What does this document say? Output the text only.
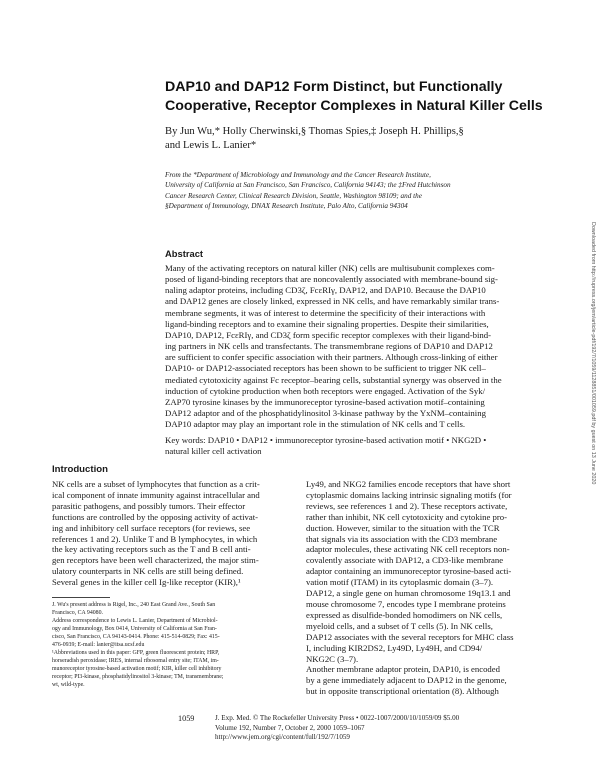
DAP10 and DAP12 Form Distinct, but Functionally
Cooperative, Receptor Complexes in Natural Killer Cells
By Jun Wu,* Holly Cherwinski,§ Thomas Spies,‡ Joseph H. Phillips,§
and Lewis L. Lanier*
From the *Department of Microbiology and Immunology and the Cancer Research Institute,
University of California at San Francisco, San Francisco, California 94143; the ‡Fred Hutchinson
Cancer Research Center, Clinical Research Division, Seattle, Washington 98109; and the
§Department of Immunology, DNAX Research Institute, Palo Alto, California 94304
Abstract
Many of the activating receptors on natural killer (NK) cells are multisubunit complexes com-
posed of ligand-binding receptors that are noncovalently associated with membrane-bound sig-
naling adaptor proteins, including CD3ζ, FcεRIγ, DAP12, and DAP10. Because the DAP10
and DAP12 genes are closely linked, expressed in NK cells, and have remarkably similar trans-
membrane segments, it was of interest to determine the specificity of their interactions with
ligand-binding receptors and to examine their signaling properties. Despite their similarities,
DAP10, DAP12, FcεRIγ, and CD3ζ form specific receptor complexes with their ligand-bind-
ing partners in NK cells and transfectants. The transmembrane regions of DAP10 and DAP12
are sufficient to confer specific association with their partners. Although cross-linking of either
DAP10- or DAP12-associated receptors has been shown to be sufficient to trigger NK cell–
mediated cytotoxicity against Fc receptor–bearing cells, substantial synergy was observed in the
induction of cytokine production when both receptors were engaged. Activation of the Syk/
ZAP70 tyrosine kinases by the immunoreceptor tyrosine-based activation motif–containing
DAP12 adaptor and of the phosphatidylinositol 3-kinase pathway by the YxNM–containing
DAP10 adaptor may play an important role in the stimulation of NK cells and T cells.
Key words: DAP10 • DAP12 • immunoreceptor tyrosine-based activation motif • NKG2D •
natural killer cell activation
Introduction
NK cells are a subset of lymphocytes that function as a crit-
ical component of innate immunity against intracellular and
parasitic pathogens, and possibly tumors. Their effector
functions are controlled by the opposing activity of activat-
ing and inhibitory cell surface receptors (for reviews, see
references 1 and 2). Unlike T and B lymphocytes, in which
the key activating receptors such as the T and B cell anti-
gen receptors have been well characterized, the major stim-
ulatory counterparts in NK cells are still being defined.
Several genes in the killer cell Ig-like receptor (KIR),¹
J. Wu's present address is Rigel, Inc., 240 East Grand Ave., South San
Francisco, CA 94080.
Address correspondence to Lewis L. Lanier, Department of Microbiol-
ogy and Immunology, Box 0414, University of California at San Fran-
cisco, San Francisco, CA 94143-0414. Phone: 415-514-0829; Fax: 415-
476-0939; E-mail: lanier@itsa.ucsf.edu
¹Abbreviations used in this paper: GFP, green fluorescent protein; HRP,
horseradish peroxidase; IRES, internal ribosomal entry site; ITAM, im-
munoreceptor tyrosine-based activation motif; KIR, killer cell inhibitory
receptor; PI3-kinase, phosphatidylinositol 3-kinase; TM, transmembrane;
wt, wild-type.
Ly49, and NKG2 families encode receptors that have short
cytoplasmic domains lacking intrinsic signaling motifs (for
reviews, see references 1 and 2). These receptors activate,
rather than inhibit, NK cell cytotoxicity and cytokine pro-
duction. However, similar to the situation with the TCR
that signals via its association with the CD3 membrane
adaptor molecules, these activating NK cell receptors non-
covalently associate with DAP12, a CD3-like membrane
adaptor containing an immunoreceptor tyrosine-based acti-
vation motif (ITAM) in its cytoplasmic domain (3–7).
DAP12, a single gene on human chromosome 19q13.1 and
mouse chromosome 7, encodes type I membrane proteins
expressed as disulfide-bonded homodimers on NK cells,
myeloid cells, and a subset of T cells (5). In NK cells,
DAP12 associates with the several receptors for MHC class
I, including KIR2DS2, Ly49D, Ly49H, and CD94/
NKG2C (3–7).
Another membrane adaptor protein, DAP10, is encoded
by a gene immediately adjacent to DAP12 in the genome,
but in opposite transcriptional orientation (8). Although
1059	J. Exp. Med. © The Rockefeller University Press • 0022-1007/2000/10/1059/09 $5.00
Volume 192, Number 7, October 2, 2000 1059–1067
http://www.jem.org/cgi/content/full/192/7/1059
Downloaded from http://rupress.org/jem/article-pdf/192/7/1059/1128851/001059.pdf by guest on 13 June 2020
